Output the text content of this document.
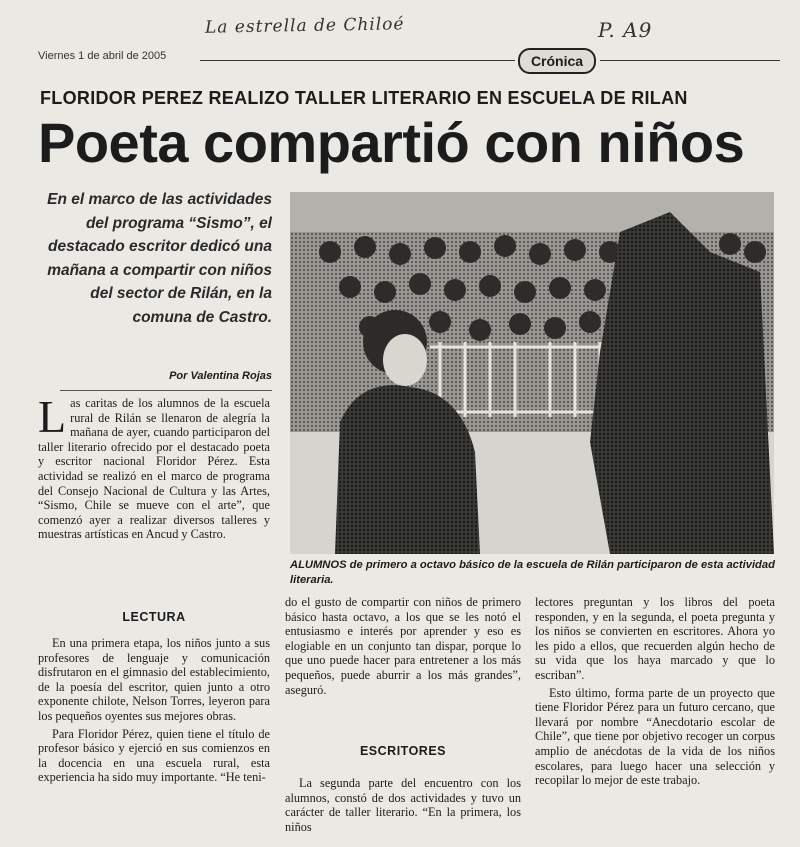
La estrella de Chiloé	P. A9
Viernes 1 de abril de 2005	Crónica
FLORIDOR PEREZ REALIZO TALLER LITERARIO EN ESCUELA DE RILAN
Poeta compartió con niños
En el marco de las actividades del programa “Sismo”, el destacado escritor dedicó una mañana a compartir con niños del sector de Rilán, en la comuna de Castro.
Por Valentina Rojas
ALUMNOS de primero a octavo básico de la escuela de Rilán participaron de esta actividad literaria.
L as caritas de los alumnos de la escuela rural de Rilán se llenaron de alegría la mañana de ayer, cuando participaron del taller literario ofrecido por el destacado poeta y escritor nacional Floridor Pérez. Esta actividad se realizó en el marco de programa del Consejo Nacional de Cultura y las Artes, “Sismo, Chile se mueve con el arte”, que comenzó ayer a realizar diversos talleres y muestras artísticas en Ancud y Castro.
LECTURA

En una primera etapa, los niños junto a sus profesores de lenguaje y comunicación disfrutaron en el gimnasio del establecimiento, de la poesía del escritor, quien junto a otro exponente chilote, Nelson Torres, leyeron para los pequeños oyentes sus mejores obras.

Para Floridor Pérez, quien tiene el título de profesor básico y ejerció en sus comienzos en la docencia en una escuela rural, esta experiencia ha sido muy importante. “He teni-

do el gusto de compartir con niños de primero básico hasta octavo, a los que se les notó el entusiasmo e interés por aprender y eso es elogiable en un conjunto tan dispar, porque lo que uno puede hacer para entretener a los más pequeños, puede aburrir a los más grandes”, aseguró.

ESCRITORES

La segunda parte del encuentro con los alumnos, constó de dos actividades y tuvo un carácter de taller literario. “En la primera, los niños

lectores preguntan y los libros del poeta responden, y en la segunda, el poeta pregunta y los niños se convierten en escritores. Ahora yo les pido a ellos, que recuerden algún hecho de su vida que los haya marcado y que lo escriban”.

Esto último, forma parte de un proyecto que tiene Floridor Pérez para un futuro cercano, que llevará por nombre “Anecdotario escolar de Chile”, que tiene por objetivo recoger un corpus amplio de anécdotas de la vida de los niños escolares, para luego hacer una selección y recopilar lo mejor de este trabajo.
